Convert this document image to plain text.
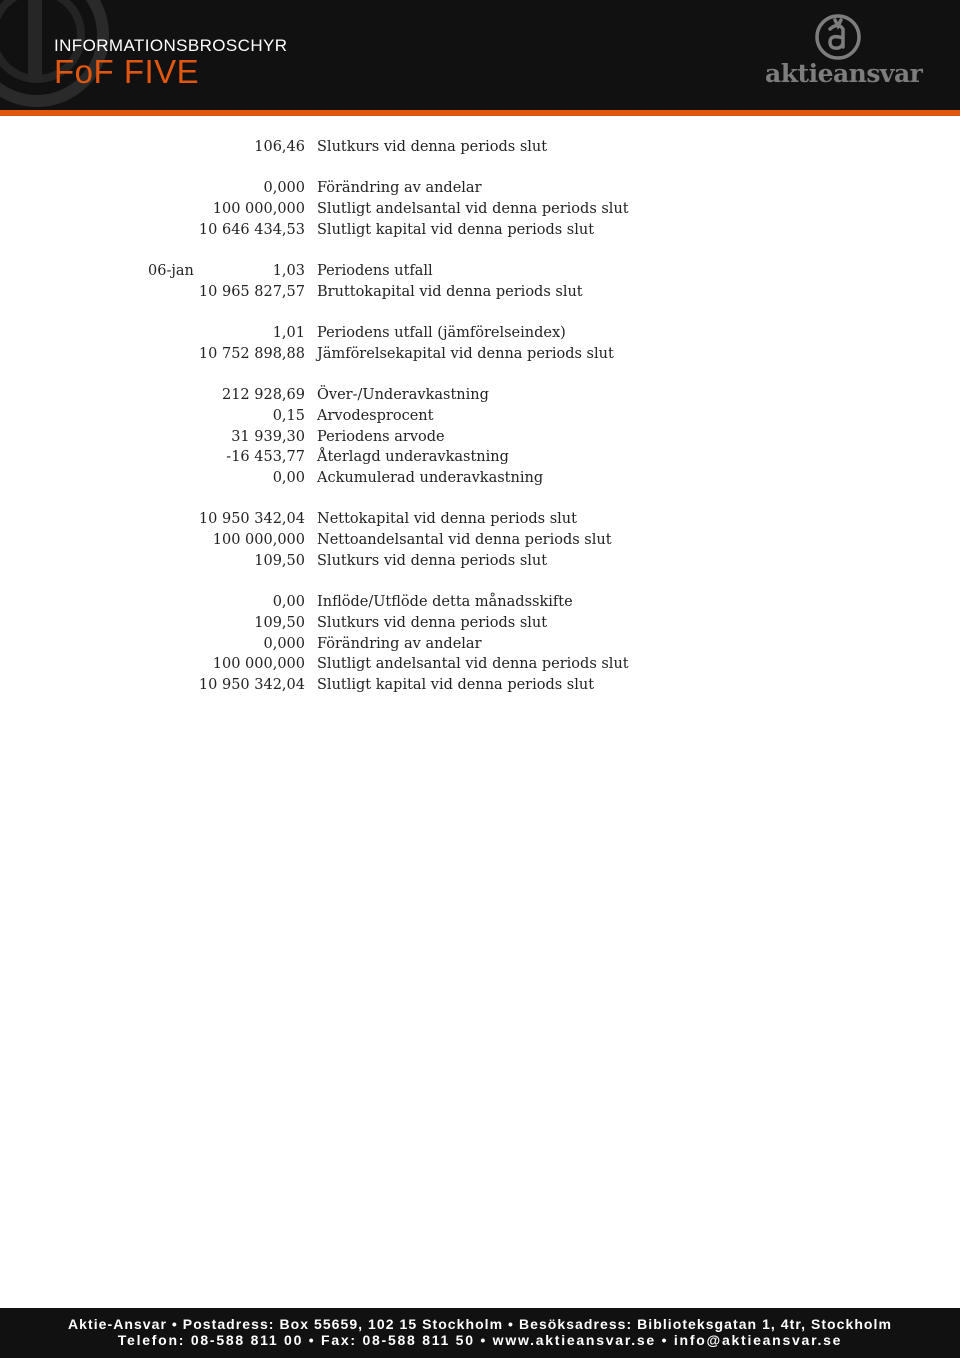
INFORMATIONSBROSCHYR
FoF FIVE	aktieansvar
106,46 Slutkurs vid denna periods slut
0,000 Förändring av andelar
100 000,000 Slutligt andelsantal vid denna periods slut
10 646 434,53 Slutligt kapital vid denna periods slut
06-jan	1,03 Periodens utfall
10 965 827,57 Bruttokapital vid denna periods slut
1,01 Periodens utfall (jämförelseindex)
10 752 898,88 Jämförelsekapital vid denna periods slut
212 928,69 Över-/Underavkastning
0,15 Arvodesprocent
31 939,30 Periodens arvode
-16 453,77 Återlagd underavkastning
0,00 Ackumulerad underavkastning
10 950 342,04 Nettokapital vid denna periods slut
100 000,000 Nettoandelsantal vid denna periods slut
109,50 Slutkurs vid denna periods slut
0,00 Inflöde/Utflöde detta månadsskifte
109,50 Slutkurs vid denna periods slut
0,000 Förändring av andelar
100 000,000 Slutligt andelsantal vid denna periods slut
10 950 342,04 Slutligt kapital vid denna periods slut
Aktie-Ansvar • Postadress: Box 55659, 102 15 Stockholm • Besöksadress: Biblioteksgatan 1, 4tr, Stockholm
Telefon: 08-588 811 00 • Fax: 08-588 811 50 • www.aktieansvar.se • info@aktieansvar.se
